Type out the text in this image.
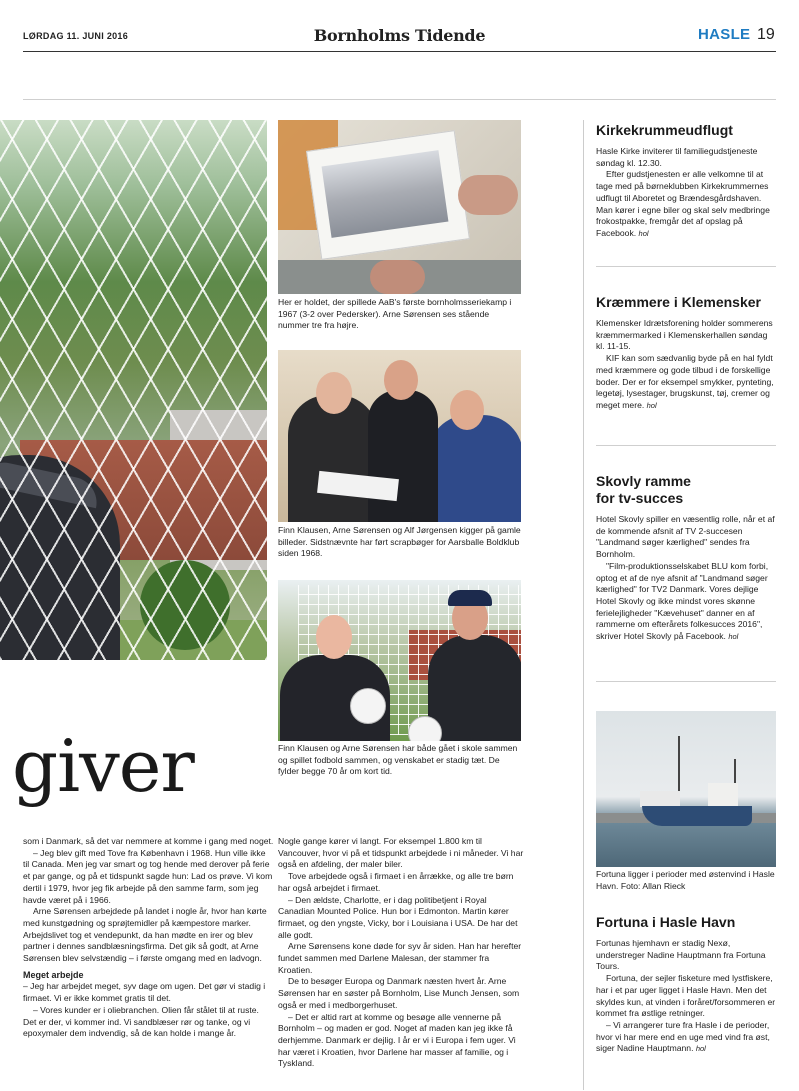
LØRDAG 11. JUNI 2016	Bornholms Tidende	HASLE 19
Her er holdet, der spillede AaB's første bornholmsseriekamp i 1967 (3-2 over Pedersker). Arne Sørensen ses stående nummer tre fra højre.
Finn Klausen, Arne Sørensen og Alf Jørgensen kigger på gamle billeder. Sidstnævnte har ført scrapbøger for Aarsballe Boldklub siden 1968.
Finn Klausen og Arne Sørensen har både gået i skole sammen og spillet fodbold sammen, og venskabet er stadig tæt. De fylder begge 70 år om kort tid.
giver

som i Danmark, så det var nemmere at komme i gang med noget.

– Jeg blev gift med Tove fra København i 1968. Hun ville ikke til Canada. Men jeg var smart og tog hende med derover på ferie et par gange, og på et tidspunkt sagde hun: Lad os prøve. Vi kom dertil i 1979, hvor jeg fik arbejde på den samme farm, som jeg havde været på i 1966.

Arne Sørensen arbejdede på landet i nogle år, hvor han kørte med kunstgødning og sprøjtemidler på kæmpestore marker. Arbejdslivet tog et vendepunkt, da han mødte en irer og blev partner i dennes sandblæsningsfirma. Det gik så godt, at Arne Sørensen blev selvstændig – i første omgang med en ladvogn.

Meget arbejde

– Jeg har arbejdet meget, syv dage om ugen. Det gør vi stadig i firmaet. Vi er ikke kommet gratis til det.

– Vores kunder er i oliebranchen. Olien får stålet til at ruste. Det er der, vi kommer ind. Vi sandblæser rør og tanke, og vi epoxymaler dem indvendig, så de kan holde i mange år.

Nogle gange kører vi langt. For eksempel 1.800 km til Vancouver, hvor vi på et tidspunkt arbejdede i ni måneder. Vi har også en afdeling, der maler biler.

Tove arbejdede også i firmaet i en årrække, og alle tre børn har også arbejdet i firmaet.

– Den ældste, Charlotte, er i dag politibetjent i Royal Canadian Mounted Police. Hun bor i Edmonton. Martin kører firmaet, og den yngste, Vicky, bor i Louisiana i USA. De har det alle godt.

Arne Sørensens kone døde for syv år siden. Han har herefter fundet sammen med Darlene Malesan, der stammer fra Kroatien.

De to besøger Europa og Danmark næsten hvert år. Arne Sørensen har en søster på Bornholm, Lise Munch Jensen, som også er med i medborgerhuset.

– Det er altid rart at komme og besøge alle vennerne på Bornholm – og maden er god. Noget af maden kan jeg ikke få derhjemme. Danmark er dejlig. I år er vi i Europa i fem uger. Vi har været i Kroatien, hvor Darlene har masser af familie, og i Tyskland.

Kirkekrummeudflugt

Hasle Kirke inviterer til familiegudstjeneste søndag kl. 12.30.

Efter gudstjenesten er alle velkomne til at tage med på børneklubben Kirkekrummernes udflugt til Aboretet og Brændesgårdshaven. Man kører i egne biler og skal selv medbringe frokostpakke, fremgår det af opslag på Facebook. hol

Kræmmere i Klemensker

Klemensker Idrætsforening holder sommerens kræmmermarked i Klemenskerhallen søndag kl. 11-15.

KIF kan som sædvanlig byde på en hal fyldt med kræmmere og gode tilbud i de forskellige boder. Der er for eksempel smykker, pynteting, legetøj, lysestager, brugskunst, tøj, cremer og meget mere. hol

Skovly ramme
for tv-succes

Hotel Skovly spiller en væsentlig rolle, når et af de kommende afsnit af TV 2-succesen "Landmand søger kærlighed" sendes fra Bornholm.

"Film-produktionsselskabet BLU kom forbi, optog et af de nye afsnit af "Landmand søger kærlighed" for TV2 Danmark. Vores dejlige Hotel Skovly og ikke mindst vores skønne ferielejligheder "Kævehuset" danner en af rammerne om efterårets folkesucces 2016", skriver Hotel Skovly på Facebook. hol

Fortuna ligger i perioder med østenvind i Hasle Havn. Foto: Allan Rieck
Fortuna i Hasle Havn

Fortunas hjemhavn er stadig Nexø, understreger Nadine Hauptmann fra Fortuna Tours.

Fortuna, der sejler fisketure med lystfiskere, har i et par uger ligget i Hasle Havn. Men det skyldes kun, at vinden i foråret/forsommeren er kommet fra østlige retninger.

– Vi arrangerer ture fra Hasle i de perioder, hvor vi har mere end en uge med vind fra øst, siger Nadine Hauptmann. hol
